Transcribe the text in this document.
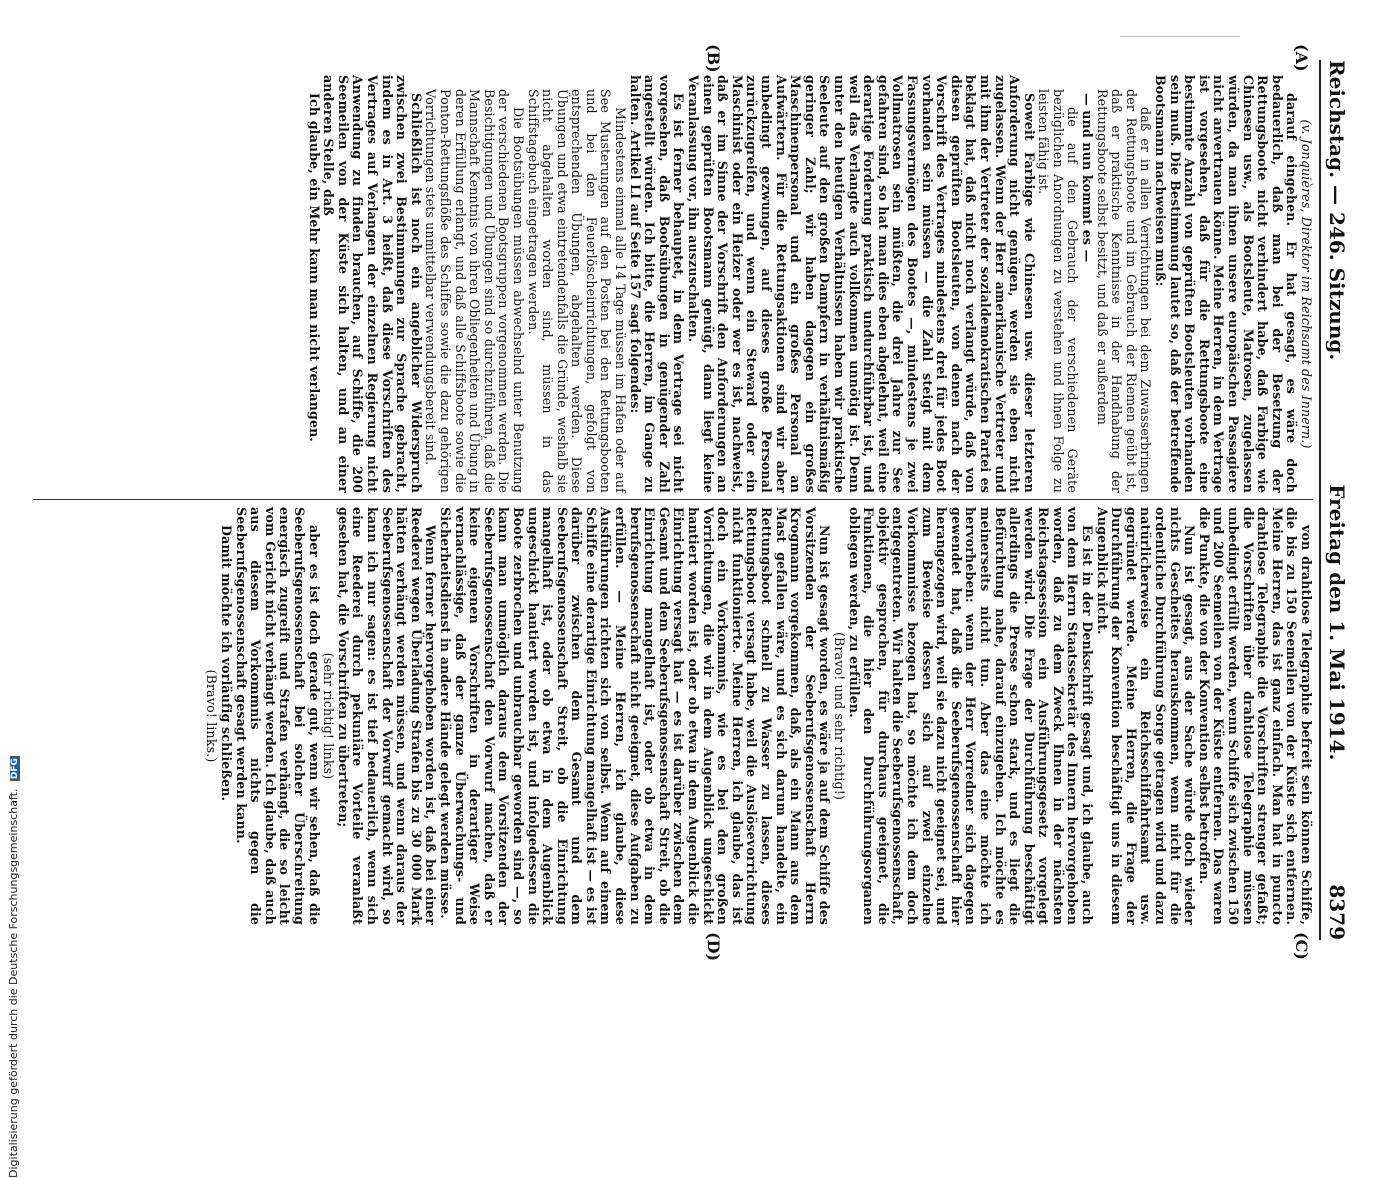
Reichstag. — 246. Sitzung.
Freitag den 1. Mai 1914.
8379
(A)
(B)
(C)
(D)

(v. Jonquières, Direktor im Reichsamt des Innern.)

darauf eingehen. Er hat gesagt, es wäre doch bedauerlich, daß man bei der Besetzung der Rettungsboote nicht verhindert habe, daß Farbige wie Chinesen usw., als Bootsleute, Matrosen, zugelassen würden, da man ihnen unsere europäischen Passagiere nicht anvertrauen könne. Meine Herren, in dem Vertrage ist vorgesehen, daß für die Rettungsboote eine bestimmte Anzahl von geprüften Bootsleuten vorhanden sein muß. Die Bestimmung lautet so, daß der betreffende Bootsmann nachweisen muß:

daß er in allen Verrichtungen bei dem Zuwasserbringen der Rettungsboote und im Gebrauch der Riemen geübt ist, daß er praktische Kenntnisse in der Handhabung der Rettungsboote selbst besitzt, und daß er außerdem

— und nun kommt es —

die auf den Gebrauch der verschiedenen Geräte bezüglichen Anordnungen zu verstehen und ihnen Folge zu leisten fähig ist.

Soweit Farbige wie Chinesen usw. dieser letzteren Anforderung nicht genügen, werden sie eben nicht zugelassen. Wenn der Herr amerikanische Vertreter und mit ihm der Vertreter der sozialdemokratischen Partei es beklagt hat, daß nicht noch verlangt würde, daß von diesen geprüften Bootsleuten, von denen nach der Vorschrift des Vertrages mindestens drei für jedes Boot vorhanden sein müssen — die Zahl steigt mit dem Fassungsvermögen des Bootes —, mindestens je zwei Vollmatrosen sein müßten, die drei Jahre zur See gefahren sind, so hat man dies eben abgelehnt, weil eine derartige Forderung praktisch undurchführbar ist, und weil das Verlangte auch vollkommen unnötig ist. Denn unter den heutigen Verhältnissen haben wir praktische Seeleute auf den großen Dampfern in verhältnismäßig geringer Zahl; wir haben dagegen ein großes Maschinenpersonal und ein großes Personal an Aufwärtern. Für die Rettungsaktionen sind wir aber unbedingt gezwungen, auf dieses große Personal zurückzugreifen, und wenn ein Steward oder ein Maschinist oder ein Heizer oder wer es ist, nachweist, daß er im Sinne der Vorschrift den Anforderungen an einen geprüften Bootsmann genügt, dann liegt keine Veranlassung vor, ihn auszuschalten.

Es ist ferner behauptet, in dem Vertrage sei nicht vorgesehen, daß Bootsübungen in genügender Zahl angestellt würden. Ich bitte, die Herren, im Gange zu halten. Artikel LI auf Seite 157 sagt folgendes:

Mindestens einmal alle 14 Tage müssen im Hafen oder auf See Musterungen auf den Posten bei den Rettungsbooten und bei den Feuerlöscheinrichtungen, gefolgt von entsprechenden Übungen, abgehalten werden. Diese Übungen und etwa eintretendenfalls die Gründe, weshalb sie nicht abgehalten worden sind, müssen in das Schiffstagebuch eingetragen werden.

Die Bootsübungen müssen abwechselnd unter Benutzung der verschiedenen Bootsgruppen vorgenommen werden. Die Besichtigungen und Übungen sind so durchzuführen, daß die Mannschaft Kenntnis von ihren Obliegenheiten und Übung in deren Erfüllung erlangt, und daß alle Schiffsboote sowie die Ponton-Rettungsflöße des Schiffes sowie die dazu gehörigen Vorrichtungen stets unmittelbar verwendungsbereit sind.

Schließlich ist noch ein angeblicher Widerspruch zwischen zwei Bestimmungen zur Sprache gebracht, indem es in Art. 3 heißt, daß diese Vorschriften des Vertrages auf Verlangen der einzelnen Regierung nicht Anwendung zu finden brauchen, auf Schiffe, die 200 Seemeilen von der Küste sich halten, und an einer anderen Stelle, daß

Ich glaube, ein Mehr kann man nicht verlangen.

von drahtlose Telegraphie befreit sein können Schiffe, die bis zu 150 Seemeilen von der Küste sich entfernen. Meine Herren, das ist ganz einfach. Man hat in puncto drahtlose Telegraphie die Vorschriften strenger gefaßt; die Vorschriften über drahtlose Telegraphie müssen unbedingt erfüllt werden, wenn Schiffe sich zwischen 150 und 200 Seemeilen von der Küste entfernen. Das waren die Punkte, die von der Konvention selbst betroffen.

Nun ist gesagt, aus der Sache würde doch wieder nichts Gescheites herauskommen, wenn nicht für die ordentliche Durchführung Sorge getragen wird und dazu natürlicherweise ein Reichsschiffahrtsamt usw. gegründet werde. Meine Herren, die Frage der Durchführung der Konvention beschäftigt uns in diesem Augenblick nicht.

Es ist in der Denkschrift gesagt und, ich glaube, auch von dem Herrn Staatssekretär des Innern hervorgehoben worden, daß zu dem Zweck Ihnen in der nächsten Reichstagssession ein Ausführungsgesetz vorgelegt werden wird. Die Frage der Durchführung beschäftigt allerdings die Presse schon stark, und es liegt die Befürchtung nahe, darauf einzugehen. Ich möchte es meinerseits nicht tun. Aber das eine möchte ich hervorheben: wenn der Herr Vorredner sich dagegen gewendet hat, daß die Seeberufsgenossenschaft hier herangezogen wird, weil sie dazu nicht geeignet sei, und zum Beweise dessen sich auf zwei einzelne Vorkommnisse bezogen hat, so möchte ich dem doch entgegentreten. Wir halten die Seeberufsgenossenschaft, objektiv gesprochen, für durchaus geeignet, die Funktionen, die hier den Durchführungsorganen obliegen werden, zu erfüllen.

(Bravo! und sehr richtig!)

Nun ist gesagt worden, es wäre ja auf dem Schiffe des Vorsitzenden der Seeberufsgenossenschaft Herrn Krogmann vorgekommen, daß, als ein Mann aus dem Mast gefallen wäre, und es sich darum handelte, ein Rettungsboot schnell zu Wasser zu lassen, dieses Rettungsboot versagt habe, weil die Auslösevorrichtung nicht funktionierte. Meine Herren, ich glaube, das ist doch ein Vorkommnis, wie es bei den großen Vorrichtungen, die wir in dem Augenblick ungeschickt hantiert worden ist, oder ob etwa in dem Augenblick die Einrichtung versagt hat — es ist darüber zwischen dem Gesamt und dem Seeberufsgenossenschaft Streit, ob die Einrichtung mangelhaft ist, oder ob etwa in dem berufsgenossenschaft nicht geeignet, diese Aufgaben zu erfüllen. — Meine Herren, ich glaube, diese Ausführungen richten sich von selbst. Wenn auf einem Schiffe eine derartige Einrichtung mangelhaft ist — es ist darüber zwischen dem Gesamt und dem Seeberufsgenossenschaft Streit, ob die Einrichtung mangelhaft ist, oder ob etwa in dem Augenblick ungeschickt hantiert worden ist, und infolgedessen die Boote zerbrochen und unbrauchbar geworden sind —, so kann man unmöglich daraus dem Vorsitzenden der Seeberufsgenossenschaft den Vorwurf machen, daß er keine eigenen Vorschriften in derartiger Weise vernachlässige, daß der ganze Überwachungs- und Sicherheitsdienst in andere Hände gelegt werden müsse.

Wenn ferner hervorgehoben worden ist, daß bei einer Reederei wegen Überladung Strafen bis zu 30 000 Mark hätten verhängt werden müssen, und wenn daraus der Seeberufsgenossenschaft der Vorwurf gemacht wird, so kann ich nur sagen: es ist tief bedauerlich, wenn sich eine Reederei durch pekuniäre Vorteile veranlaßt gesehen hat, die Vorschriften zu übertreten;

(sehr richtig! links)

aber es ist doch gerade gut, wenn wir sehen, daß die Seeberufsgenossenschaft bei solcher Überschreitung energisch zugreift und Strafen verhängt, die so leicht vom Gericht nicht verhängt werden. Ich glaube, daß auch aus diesem Vorkommnis nichts gegen die Seeberufsgenossenschaft gesagt werden kann.

Damit möchte ich vorläufig schließen.

(Bravo! links.)

Digitalisierung gefördert durch die Deutsche Forschungsgemeinschaft. DFG
